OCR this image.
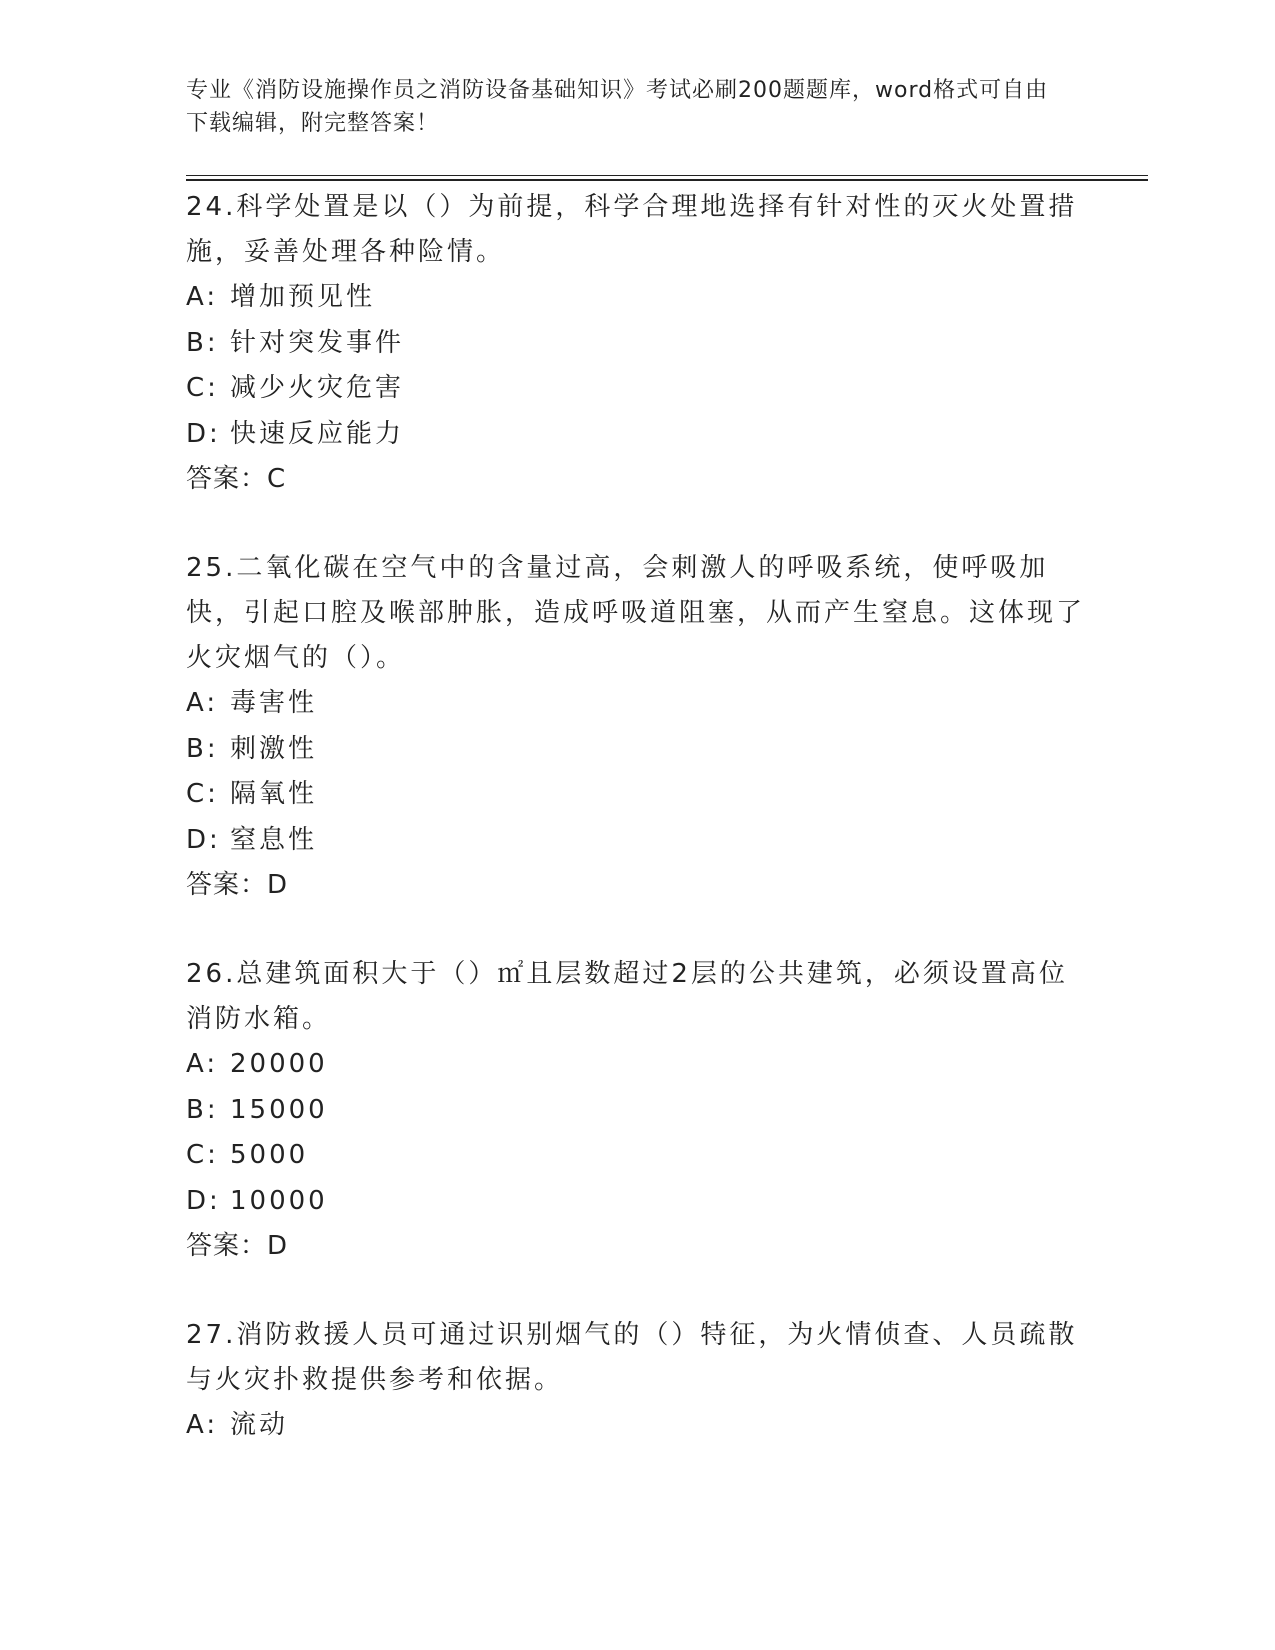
专业《消防设施操作员之消防设备基础知识》考试必刷200题题库，word格式可自由下载编辑，附完整答案！
24.科学处置是以（）为前提，科学合理地选择有针对性的灭火处置措施，妥善处理各种险情。
A: 增加预见性
B: 针对突发事件
C: 减少火灾危害
D: 快速反应能力
答案：C
25.二氧化碳在空气中的含量过高，会刺激人的呼吸系统，使呼吸加快，引起口腔及喉部肿胀，造成呼吸道阻塞，从而产生窒息。这体现了火灾烟气的（）。
A: 毒害性
B: 刺激性
C: 隔氧性
D: 窒息性
答案：D
26.总建筑面积大于（）㎡且层数超过2层的公共建筑，必须设置高位消防水箱。
A: 20000
B: 15000
C: 5000
D: 10000
答案：D
27.消防救援人员可通过识别烟气的（）特征，为火情侦查、人员疏散与火灾扑救提供参考和依据。
A: 流动
